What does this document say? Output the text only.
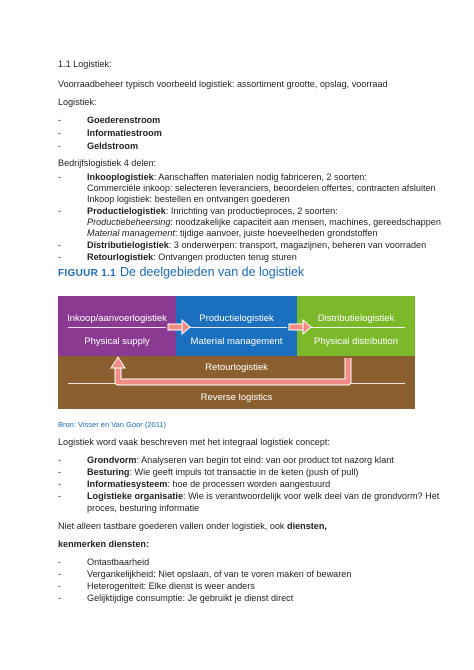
1.1 Logistiek:
Voorraadbeheer typisch voorbeeld logistiek: assortiment grootte, opslag, voorraad
Logistiek:
-	Goederenstroom
-	Informatiestroom
-	Geldstroom
Bedrijfslogistiek 4 delen:
-	Inkooplogistiek: Aanschaffen materialen nodig fabriceren, 2 soorten:
Commerciële inkoop: selecteren leveranciers, beoordelen offertes, contracten afsluiten
Inkoop logistiek: bestellen en ontvangen goederen
-	Productielogistiek: Inrichting van productieproces, 2 soorten:
Productiebeheersing: noodzakelijke capaciteit aan mensen, machines, gereedschappen
Material management: tijdige aanvoer, juiste hoeveelheden grondstoffen
-	Distributielogistiek: 3 onderwerpen: transport, magazijnen, beheren van voorraden
-	Retourlogistiek: Ontvangen producten terug sturen
FIGUUR 1.1 De deelgebieden van de logistiek
Inkoop/aanvoerlogistiek
Physical supply
Productielogistiek
Material management
Distributielogistiek
Physical distribution
Retourlogistiek
Reverse logistics
Bron: Visser en Van Goor (2011)
Logistiek word vaak beschreven met het integraal logistiek concept:
-	Grondvorm: Analyseren van begin tot eind: van oor product tot nazorg klant
-	Besturing: Wie geeft impuls tot transactie in de keten (push of pull)
-	Informatiesysteem: hoe de processen worden aangestuurd
-	Logistieke organisatie: Wie is verantwoordelijk voor welk deel van de grondvorm? Het
proces, besturing informatie
Niet alleen tastbare goederen vallen onder logistiek, ook diensten,
kenmerken diensten:
-	Ontastbaarheid
-	Vergankelijkheid: Niet opslaan, of van te voren maken of bewaren
-	Heterogeniteit: Elke dienst is weer anders
-	Gelijktijdige consumptie: Je gebruikt je dienst direct
